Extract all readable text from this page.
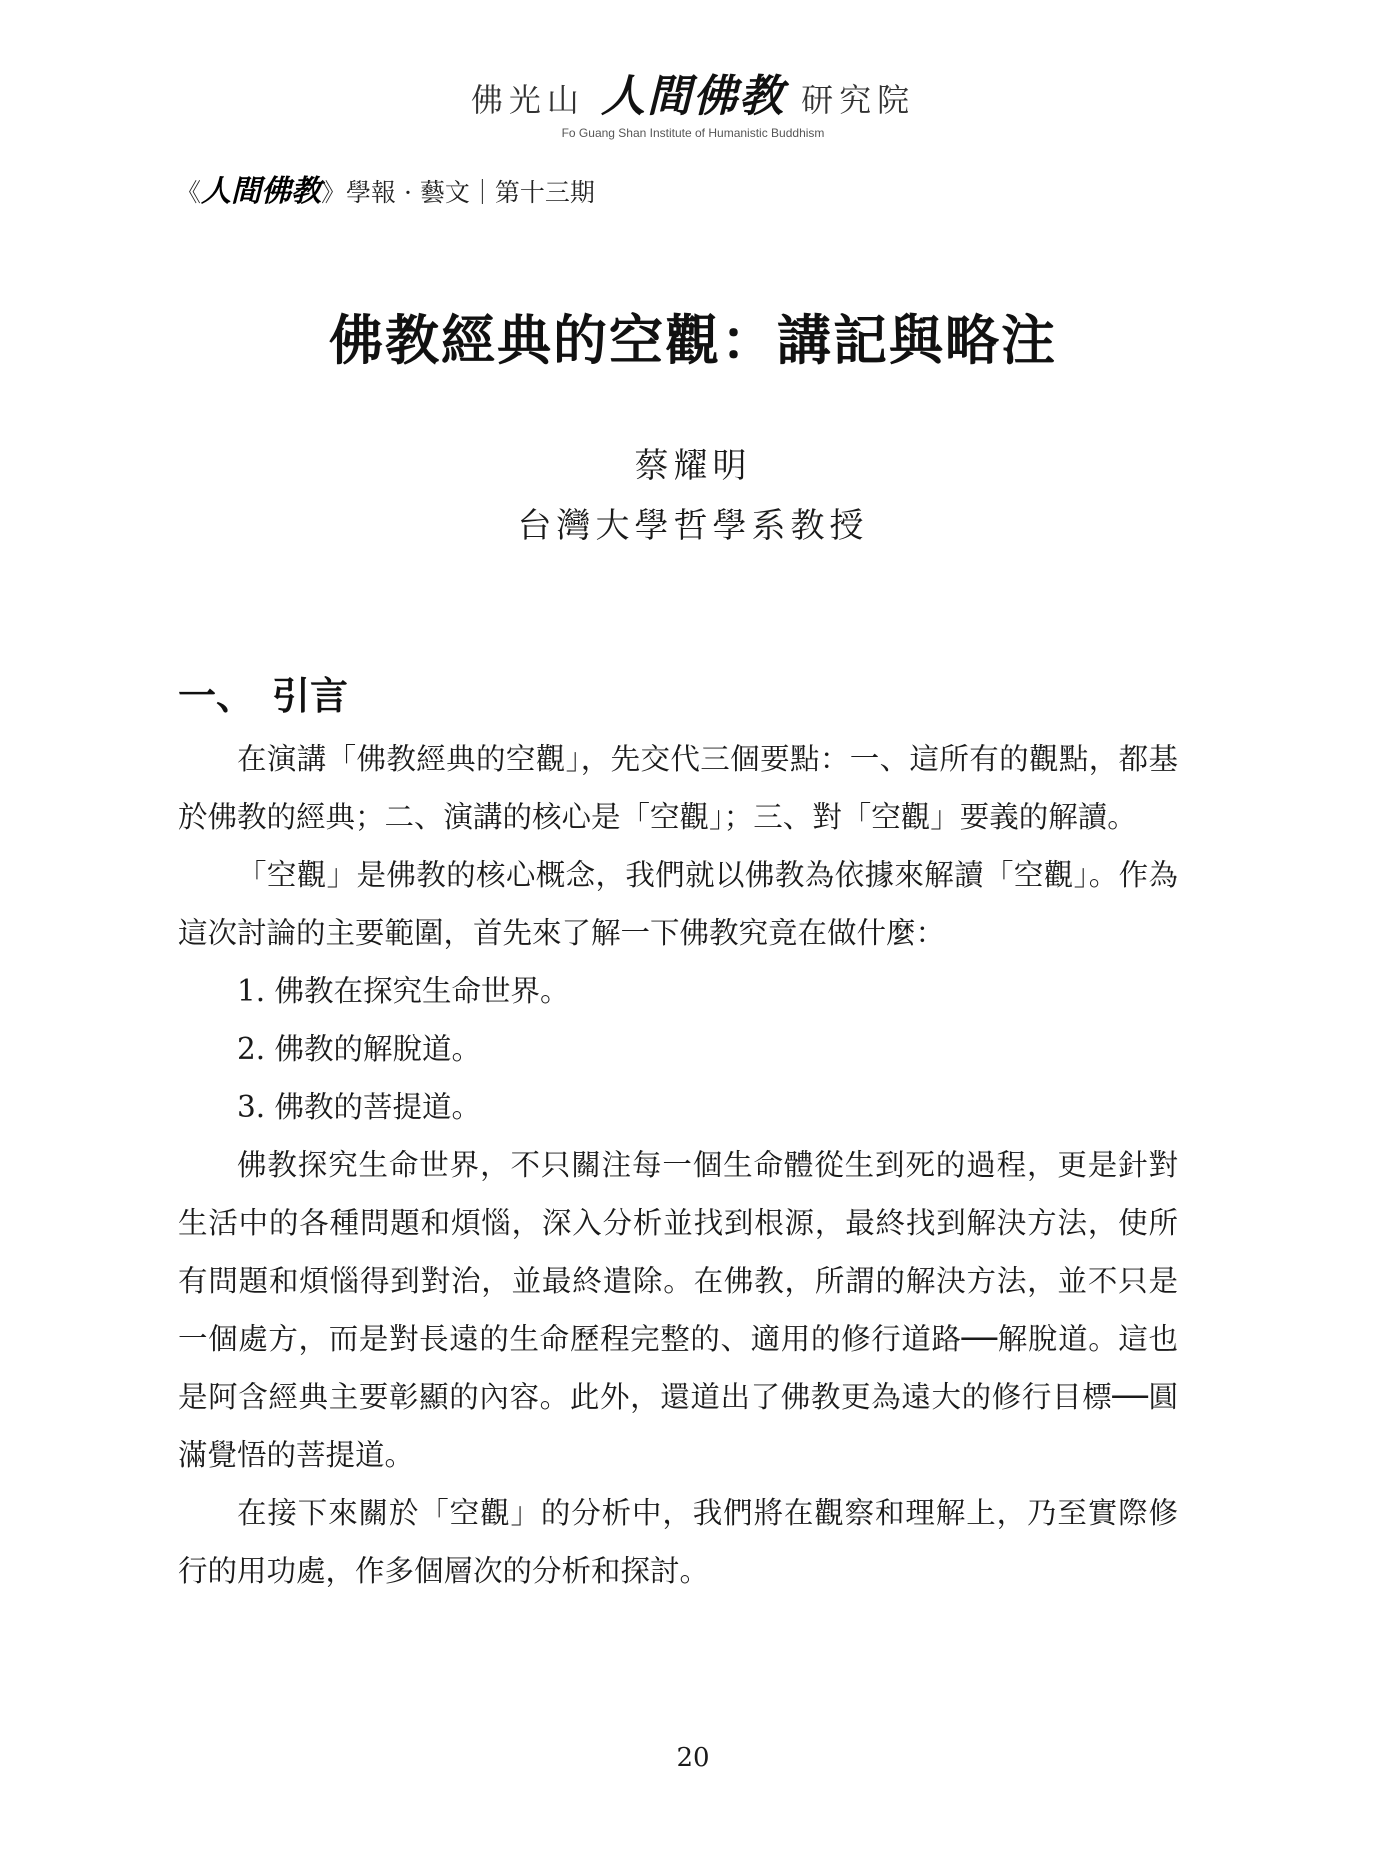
佛光山 人間佛教 研究院
Fo Guang Shan Institute of Humanistic Buddhism
《人間佛教》學報 · 藝文｜第十三期
佛教經典的空觀：講記與略注
蔡耀明
台灣大學哲學系教授
一、 引言

在演講「佛教經典的空觀」，先交代三個要點：一、這所有的觀點，都基於佛教的經典；二、演講的核心是「空觀」；三、對「空觀」要義的解讀。

「空觀」是佛教的核心概念，我們就以佛教為依據來解讀「空觀」。作為這次討論的主要範圍，首先來了解一下佛教究竟在做什麼：

1. 佛教在探究生命世界。

2. 佛教的解脫道。

3. 佛教的菩提道。

佛教探究生命世界，不只關注每一個生命體從生到死的過程，更是針對生活中的各種問題和煩惱，深入分析並找到根源，最終找到解決方法，使所有問題和煩惱得到對治，並最終遣除。在佛教，所謂的解決方法，並不只是一個處方，而是對長遠的生命歷程完整的、適用的修行道路──解脫道。這也是阿含經典主要彰顯的內容。此外，還道出了佛教更為遠大的修行目標──圓滿覺悟的菩提道。

在接下來關於「空觀」的分析中，我們將在觀察和理解上，乃至實際修行的用功處，作多個層次的分析和探討。

20
